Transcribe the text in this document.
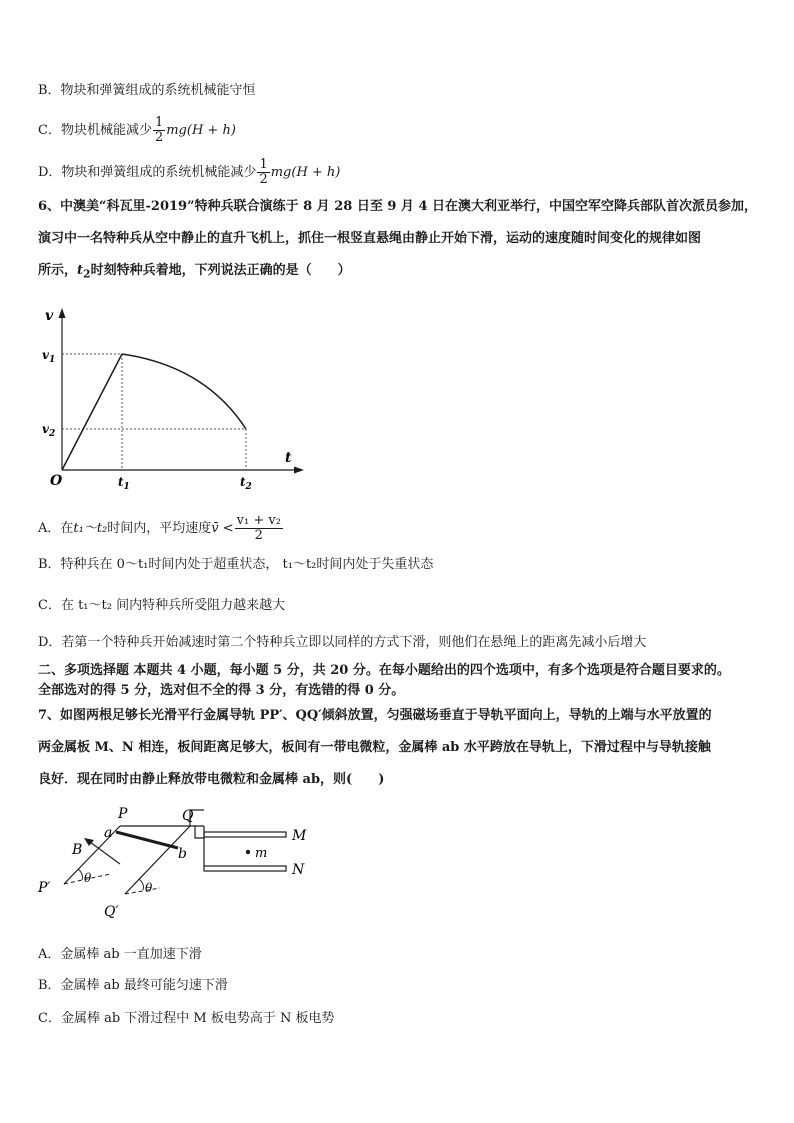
B．物块和弹簧组成的系统机械能守恒
C．物块机械能减少 $\frac{1}{2} mg(H + h)$
D．物块和弹簧组成的系统机械能减少 $\frac{1}{2} mg(H + h)$
6、中澳美“科瓦里-2019”特种兵联合演练于 8 月 28 日至 9 月 4 日在澳大利亚举行，中国空军空降兵部队首次派员参加，
演习中一名特种兵从空中静止的直升飞机上，抓住一根竖直悬绳由静止开始下滑，运动的速度随时间变化的规律如图
所示，$t_2$时刻特种兵着地，下列说法正确的是（　　）
v
t
O
$v_1$
$v_2$
$t_1$	$t_2$
A．在t₁～t₂时间内，平均速度v̄ < $\frac{\text{v₁ + v₂}}{2}$
B．特种兵在 0～t₁时间内处于超重状态， t₁～t₂时间内处于失重状态
C．在 t₁～t₂ 间内特种兵所受阻力越来越大
D．若第一个特种兵开始减速时第二个特种兵立即以同样的方式下滑，则他们在悬绳上的距离先减小后增大
二、多项选择题 本题共 4 小题，每小题 5 分，共 20 分。在每小题给出的四个选项中，有多个选项是符合题目要求的。
全部选对的得 5 分，选对但不全的得 3 分，有选错的得 0 分。
7、如图两根足够长光滑平行金属导轨 PP′、QQ′倾斜放置，匀强磁场垂直于导轨平面向上，导轨的上端与水平放置的
两金属板 M、N 相连，板间距离足够大，板间有一带电微粒，金属棒 ab 水平跨放在导轨上，下滑过程中与导轨接触
良好．现在同时由静止释放带电微粒和金属棒 ab，则(　　)
P	Q
a
b
B
M
N
m
P′
Q′
θ
θ
A．金属棒 ab 一直加速下滑
B．金属棒 ab 最终可能匀速下滑
C．金属棒 ab 下滑过程中 M 板电势高于 N 板电势
